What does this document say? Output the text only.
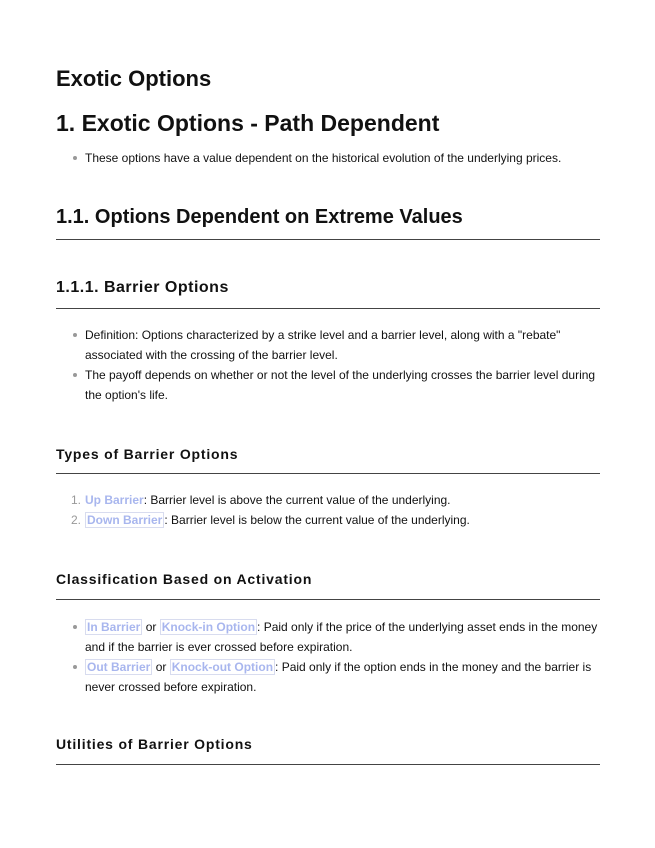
Exotic Options
1. Exotic Options - Path Dependent
These options have a value dependent on the historical evolution of the underlying prices.
1.1. Options Dependent on Extreme Values
1.1.1. Barrier Options
Definition: Options characterized by a strike level and a barrier level, along with a "rebate" associated with the crossing of the barrier level.
The payoff depends on whether or not the level of the underlying crosses the barrier level during the option's life.
Types of Barrier Options
1. Up Barrier: Barrier level is above the current value of the underlying.
2. Down Barrier : Barrier level is below the current value of the underlying.
Classification Based on Activation
In Barrier or Knock-in Option : Paid only if the price of the underlying asset ends in the money and if the barrier is ever crossed before expiration.
Out Barrier or Knock-out Option : Paid only if the option ends in the money and the barrier is never crossed before expiration.
Utilities of Barrier Options
